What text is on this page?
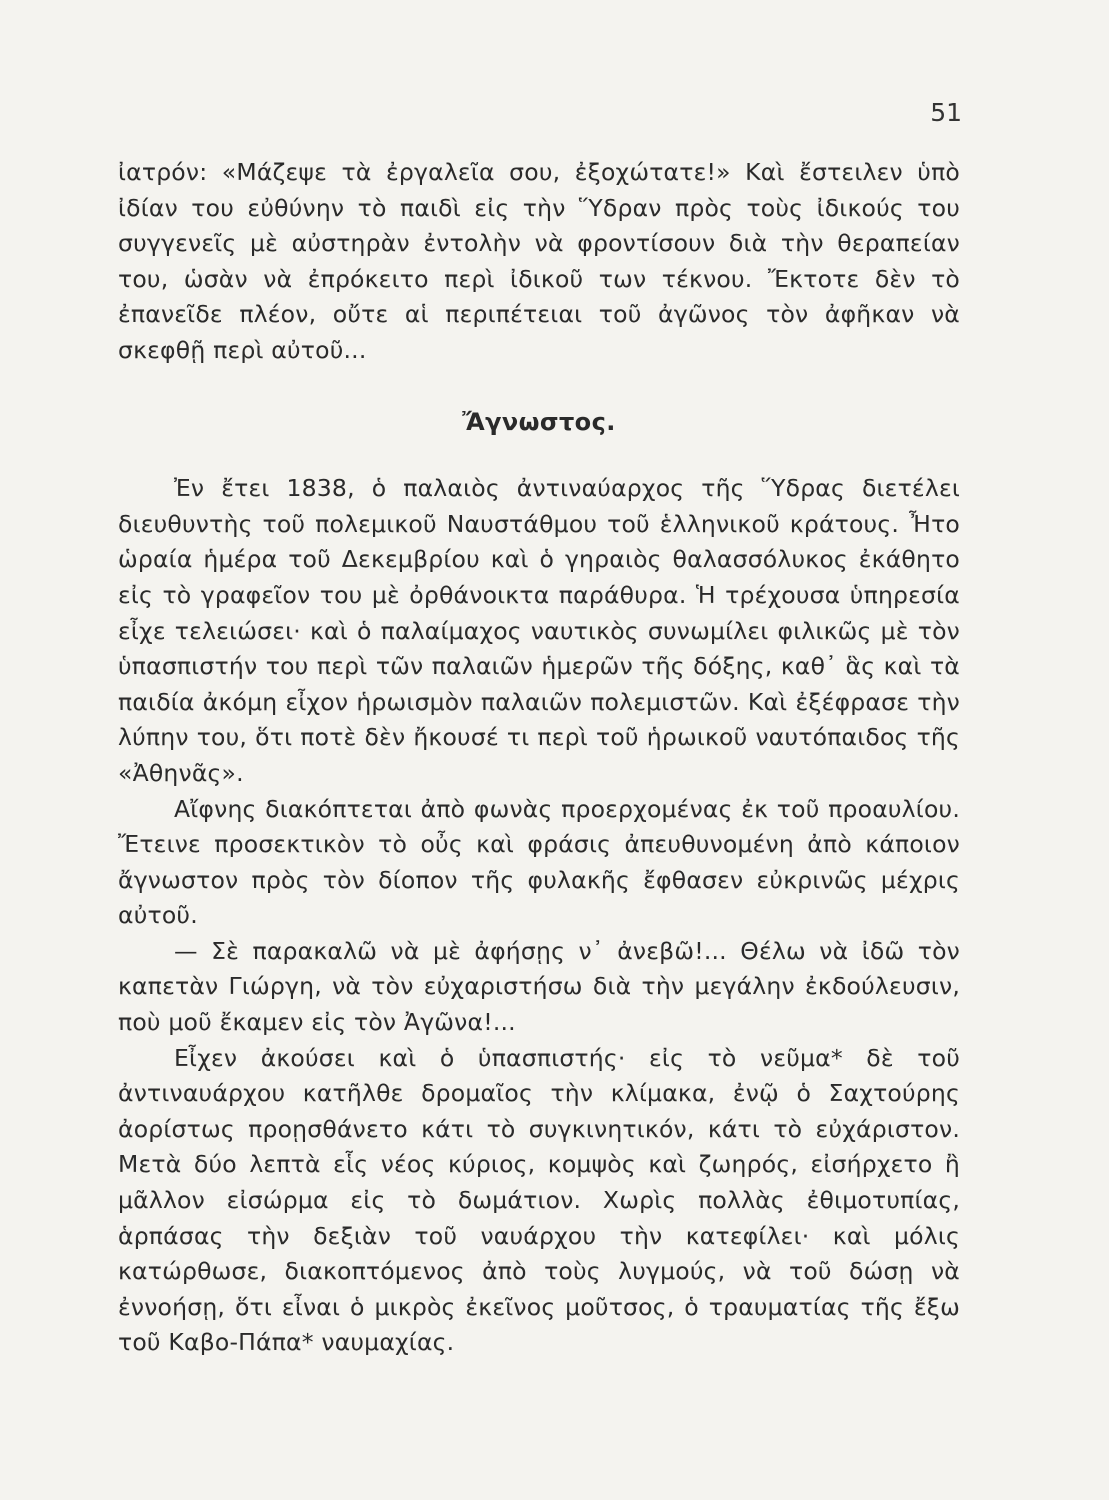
51

ἰατρόν: «Μάζεψε τὰ ἐργαλεῖα σου, ἐξοχώτατε!» Καὶ ἔστειλεν ὑπὸ ἰδίαν του εὐθύνην τὸ παιδὶ εἰς τὴν Ὕδραν πρὸς τοὺς ἰδικούς του συγγενεῖς μὲ αὐστηρὰν ἐντολὴν νὰ φροντίσουν διὰ τὴν θεραπείαν του, ὡσὰν νὰ ἐπρόκειτο περὶ ἰδικοῦ των τέκνου. Ἔκτοτε δὲν τὸ ἐπανεῖδε πλέον, οὔτε αἱ περιπέτειαι τοῦ ἀγῶνος τὸν ἀφῆκαν νὰ σκεφθῇ περὶ αὐτοῦ...

Ἄγνωστος.

Ἐν ἔτει 1838, ὁ παλαιὸς ἀντιναύαρχος τῆς Ὕδρας διετέλει διευθυντὴς τοῦ πολεμικοῦ Ναυστάθμου τοῦ ἑλληνικοῦ κράτους. Ἦτο ὡραία ἡμέρα τοῦ Δεκεμβρίου καὶ ὁ γηραιὸς θαλασσόλυκος ἐκάθητο εἰς τὸ γραφεῖον του μὲ ὀρθάνοικτα παράθυρα. Ἡ τρέχουσα ὑπηρεσία εἶχε τελειώσει· καὶ ὁ παλαίμαχος ναυτικὸς συνωμίλει φιλικῶς μὲ τὸν ὑπασπιστήν του περὶ τῶν παλαιῶν ἡμερῶν τῆς δόξης, καθ᾽ ἃς καὶ τὰ παιδία ἀκόμη εἶχον ἡρωισμὸν παλαιῶν πολεμιστῶν. Καὶ ἐξέφρασε τὴν λύπην του, ὅτι ποτὲ δὲν ἤκουσέ τι περὶ τοῦ ἡρωικοῦ ναυτόπαιδος τῆς «Ἀθηνᾶς».

Αἴφνης διακόπτεται ἀπὸ φωνὰς προερχομένας ἐκ τοῦ προαυλίου. Ἔτεινε προσεκτικὸν τὸ οὖς καὶ φράσις ἀπευθυνομένη ἀπὸ κάποιον ἄγνωστον πρὸς τὸν δίοπον τῆς φυλακῆς ἔφθασεν εὐκρινῶς μέχρις αὐτοῦ.

— Σὲ παρακαλῶ νὰ μὲ ἀφήσῃς ν᾽ ἀνεβῶ!... Θέλω νὰ ἰδῶ τὸν καπετὰν Γιώργη, νὰ τὸν εὐχαριστήσω διὰ τὴν μεγάλην ἐκδούλευσιν, ποὺ μοῦ ἔκαμεν εἰς τὸν Ἀγῶνα!...

Εἶχεν ἀκούσει καὶ ὁ ὑπασπιστής· εἰς τὸ νεῦμα* δὲ τοῦ ἀντιναυάρχου κατῆλθε δρομαῖος τὴν κλίμακα, ἐνῷ ὁ Σαχτούρης ἀορίστως προῃσθάνετο κάτι τὸ συγκινητικόν, κάτι τὸ εὐχάριστον. Μετὰ δύο λεπτὰ εἷς νέος κύριος, κομψὸς καὶ ζωηρός, εἰσήρχετο ἢ μᾶλλον εἰσώρμα εἰς τὸ δωμάτιον. Χωρὶς πολλὰς ἐθιμοτυπίας, ἁρπάσας τὴν δεξιὰν τοῦ ναυάρχου τὴν κατεφίλει· καὶ μόλις κατώρθωσε, διακοπτόμενος ἀπὸ τοὺς λυγμούς, νὰ τοῦ δώσῃ νὰ ἐννοήσῃ, ὅτι εἶναι ὁ μικρὸς ἐκεῖνος μοῦτσος, ὁ τραυματίας τῆς ἔξω τοῦ Καβο-Πάπα* ναυμαχίας.
